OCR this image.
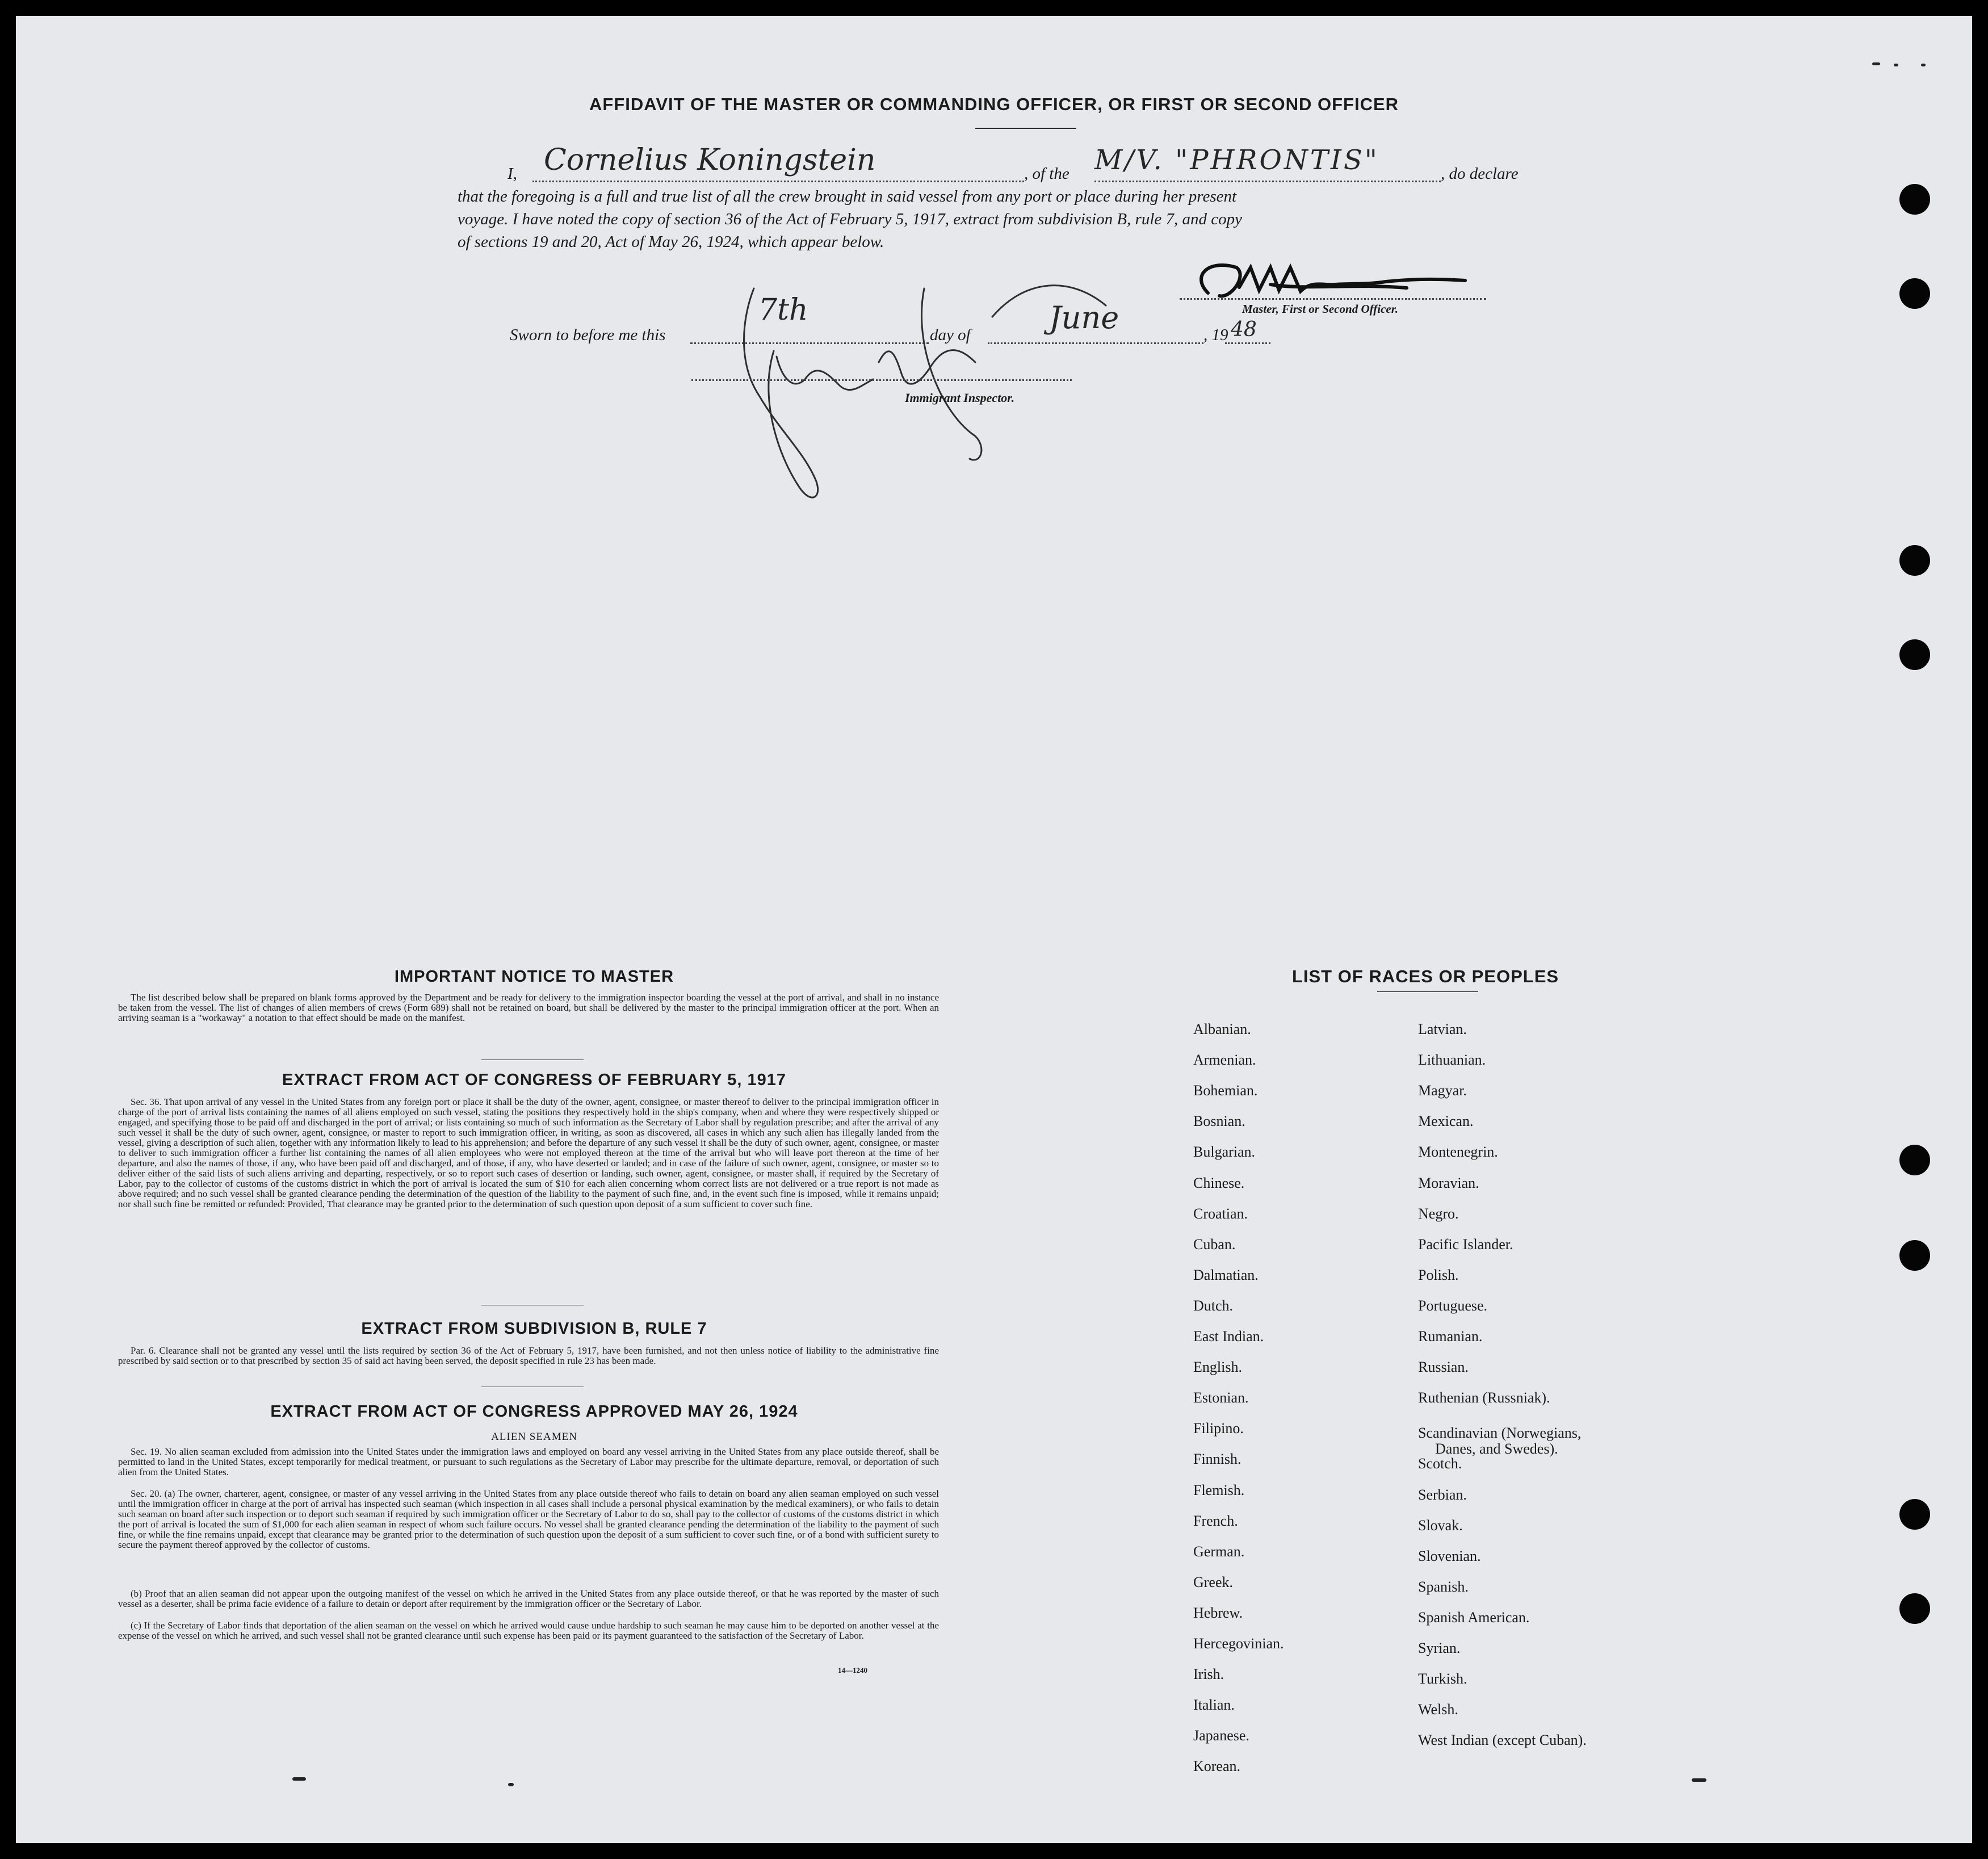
AFFIDAVIT OF THE MASTER OR COMMANDING OFFICER, OR FIRST OR SECOND OFFICER
I, Cornelius Koningstein	, of the M/V. "PHRONTIS"	, do declare
that the foregoing is a full and true list of all the crew brought in said vessel from any port or place during her present
voyage. I have noted the copy of section 36 of the Act of February 5, 1917, extract from subdivision B, rule 7, and copy
of sections 19 and 20, Act of May 26, 1924, which appear below.
Master, First or Second Officer.
Sworn to before me this
7th
day of	June	, 19 48
Immigrant Inspector.
IMPORTANT NOTICE TO MASTER
The list described below shall be prepared on blank forms approved by the Department and be ready for delivery to the immigration inspector boarding the vessel at the port of arrival, and shall in no instance be taken from the vessel. The list of changes of alien members of crews (Form 689) shall not be retained on board, but shall be delivered by the master to the principal immigration officer at the port. When an arriving seaman is a "workaway" a notation to that effect should be made on the manifest.
EXTRACT FROM ACT OF CONGRESS OF FEBRUARY 5, 1917
Sec. 36. That upon arrival of any vessel in the United States from any foreign port or place it shall be the duty of the owner, agent, consignee, or master thereof to deliver to the principal immigration officer in charge of the port of arrival lists containing the names of all aliens employed on such vessel, stating the positions they respectively hold in the ship's company, when and where they were respectively shipped or engaged, and specifying those to be paid off and discharged in the port of arrival; or lists containing so much of such information as the Secretary of Labor shall by regulation prescribe; and after the arrival of any such vessel it shall be the duty of such owner, agent, consignee, or master to report to such immigration officer, in writing, as soon as discovered, all cases in which any such alien has illegally landed from the vessel, giving a description of such alien, together with any information likely to lead to his apprehension; and before the departure of any such vessel it shall be the duty of such owner, agent, consignee, or master to deliver to such immigration officer a further list containing the names of all alien employees who were not employed thereon at the time of the arrival but who will leave port thereon at the time of her departure, and also the names of those, if any, who have been paid off and discharged, and of those, if any, who have deserted or landed; and in case of the failure of such owner, agent, consignee, or master so to deliver either of the said lists of such aliens arriving and departing, respectively, or so to report such cases of desertion or landing, such owner, agent, consignee, or master shall, if required by the Secretary of Labor, pay to the collector of customs of the customs district in which the port of arrival is located the sum of $10 for each alien concerning whom correct lists are not delivered or a true report is not made as above required; and no such vessel shall be granted clearance pending the determination of the question of the liability to the payment of such fine, and, in the event such fine is imposed, while it remains unpaid; nor shall such fine be remitted or refunded: Provided, That clearance may be granted prior to the determination of such question upon deposit of a sum sufficient to cover such fine.
EXTRACT FROM SUBDIVISION B, RULE 7
Par. 6. Clearance shall not be granted any vessel until the lists required by section 36 of the Act of February 5, 1917, have been furnished, and not then unless notice of liability to the administrative fine prescribed by said section or to that prescribed by section 35 of said act having been served, the deposit specified in rule 23 has been made.
EXTRACT FROM ACT OF CONGRESS APPROVED MAY 26, 1924
ALIEN SEAMEN
Sec. 19. No alien seaman excluded from admission into the United States under the immigration laws and employed on board any vessel arriving in the United States from any place outside thereof, shall be permitted to land in the United States, except temporarily for medical treatment, or pursuant to such regulations as the Secretary of Labor may prescribe for the ultimate departure, removal, or deportation of such alien from the United States.
Sec. 20. (a) The owner, charterer, agent, consignee, or master of any vessel arriving in the United States from any place outside thereof who fails to detain on board any alien seaman employed on such vessel until the immigration officer in charge at the port of arrival has inspected such seaman (which inspection in all cases shall include a personal physical examination by the medical examiners), or who fails to detain such seaman on board after such inspection or to deport such seaman if required by such immigration officer or the Secretary of Labor to do so, shall pay to the collector of customs of the customs district in which the port of arrival is located the sum of $1,000 for each alien seaman in respect of whom such failure occurs. No vessel shall be granted clearance pending the determination of the liability to the payment of such fine, or while the fine remains unpaid, except that clearance may be granted prior to the determination of such question upon the deposit of a sum sufficient to cover such fine, or of a bond with sufficient surety to secure the payment thereof approved by the collector of customs.
(b) Proof that an alien seaman did not appear upon the outgoing manifest of the vessel on which he arrived in the United States from any place outside thereof, or that he was reported by the master of such vessel as a deserter, shall be prima facie evidence of a failure to detain or deport after requirement by the immigration officer or the Secretary of Labor.
(c) If the Secretary of Labor finds that deportation of the alien seaman on the vessel on which he arrived would cause undue hardship to such seaman he may cause him to be deported on another vessel at the expense of the vessel on which he arrived, and such vessel shall not be granted clearance until such expense has been paid or its payment guaranteed to the satisfaction of the Secretary of Labor.
14—1240
LIST OF RACES OR PEOPLES
Albanian.
Armenian.
Bohemian.
Bosnian.
Bulgarian.
Chinese.
Croatian.
Cuban.
Dalmatian.
Dutch.
East Indian.
English.
Estonian.
Filipino.
Finnish.
Flemish.
French.
German.
Greek.
Hebrew.
Hercegovinian.
Irish.
Italian.
Japanese.
Korean.
Latvian.
Lithuanian.
Magyar.
Mexican.
Montenegrin.
Moravian.
Negro.
Pacific Islander.
Polish.
Portuguese.
Rumanian.
Russian.
Ruthenian (Russniak).
Scandinavian (Norwegians,
Danes, and Swedes).
Scotch.
Serbian.
Slovak.
Slovenian.
Spanish.
Spanish American.
Syrian.
Turkish.
Welsh.
West Indian (except Cuban).
